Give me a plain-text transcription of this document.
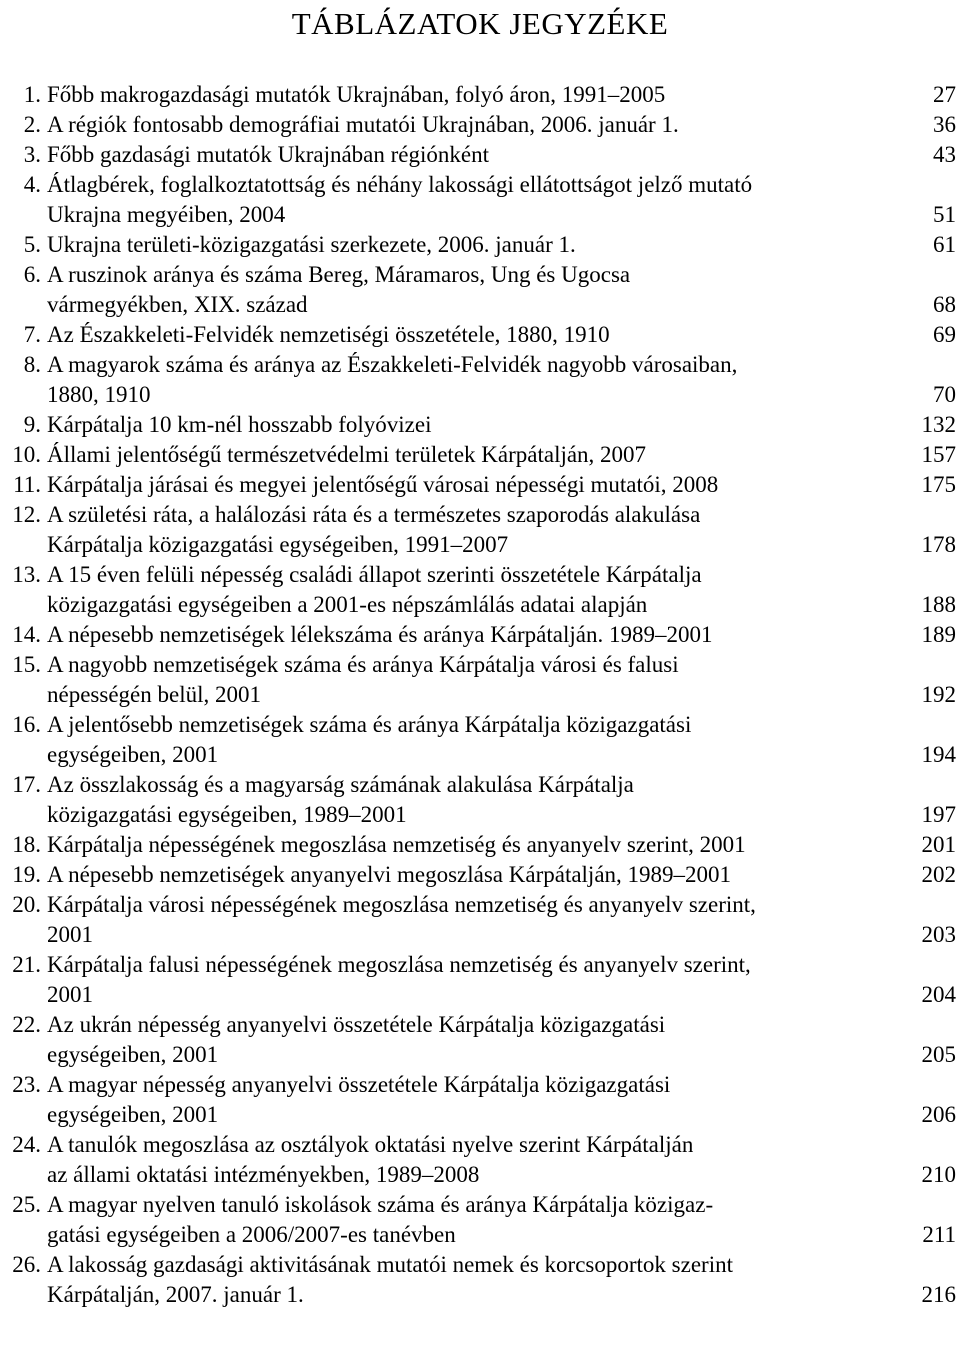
TÁBLÁZATOK JEGYZÉKE
1. Főbb makrogazdasági mutatók Ukrajnában, folyó áron, 1991–2005	27
2. A régiók fontosabb demográfiai mutatói Ukrajnában, 2006. január 1.	36
3. Főbb gazdasági mutatók Ukrajnában régiónként	43
4. Átlagbérek, foglalkoztatottság és néhány lakossági ellátottságot jelző mutató
Ukrajna megyéiben, 2004	51
5. Ukrajna területi-közigazgatási szerkezete, 2006. január 1.	61
6. A ruszinok aránya és száma Bereg, Máramaros, Ung és Ugocsa
vármegyékben, XIX. század	68
7. Az Északkeleti-Felvidék nemzetiségi összetétele, 1880, 1910	69
8. A magyarok száma és aránya az Északkeleti-Felvidék nagyobb városaiban,
1880, 1910	70
9. Kárpátalja 10 km-nél hosszabb folyóvizei	132
10. Állami jelentőségű természetvédelmi területek Kárpátalján, 2007	157
11. Kárpátalja járásai és megyei jelentőségű városai népességi mutatói, 2008	175
12. A születési ráta, a halálozási ráta és a természetes szaporodás alakulása
Kárpátalja közigazgatási egységeiben, 1991–2007	178
13. A 15 éven felüli népesség családi állapot szerinti összetétele Kárpátalja
közigazgatási egységeiben a 2001-es népszámlálás adatai alapján	188
14. A népesebb nemzetiségek lélekszáma és aránya Kárpátalján. 1989–2001	189
15. A nagyobb nemzetiségek száma és aránya Kárpátalja városi és falusi
népességén belül, 2001	192
16. A jelentősebb nemzetiségek száma és aránya Kárpátalja közigazgatási
egységeiben, 2001	194
17. Az összlakosság és a magyarság számának alakulása Kárpátalja
közigazgatási egységeiben, 1989–2001	197
18. Kárpátalja népességének megoszlása nemzetiség és anyanyelv szerint, 2001	201
19. A népesebb nemzetiségek anyanyelvi megoszlása Kárpátalján, 1989–2001	202
20. Kárpátalja városi népességének megoszlása nemzetiség és anyanyelv szerint,
2001	203
21. Kárpátalja falusi népességének megoszlása nemzetiség és anyanyelv szerint,
2001	204
22. Az ukrán népesség anyanyelvi összetétele Kárpátalja közigazgatási
egységeiben, 2001	205
23. A magyar népesség anyanyelvi összetétele Kárpátalja közigazgatási
egységeiben, 2001	206
24. A tanulók megoszlása az osztályok oktatási nyelve szerint Kárpátalján
az állami oktatási intézményekben, 1989–2008	210
25. A magyar nyelven tanuló iskolások száma és aránya Kárpátalja közigaz-
gatási egységeiben a 2006/2007-es tanévben	211
26. A lakosság gazdasági aktivitásának mutatói nemek és korcsoportok szerint
Kárpátalján, 2007. január 1.	216
